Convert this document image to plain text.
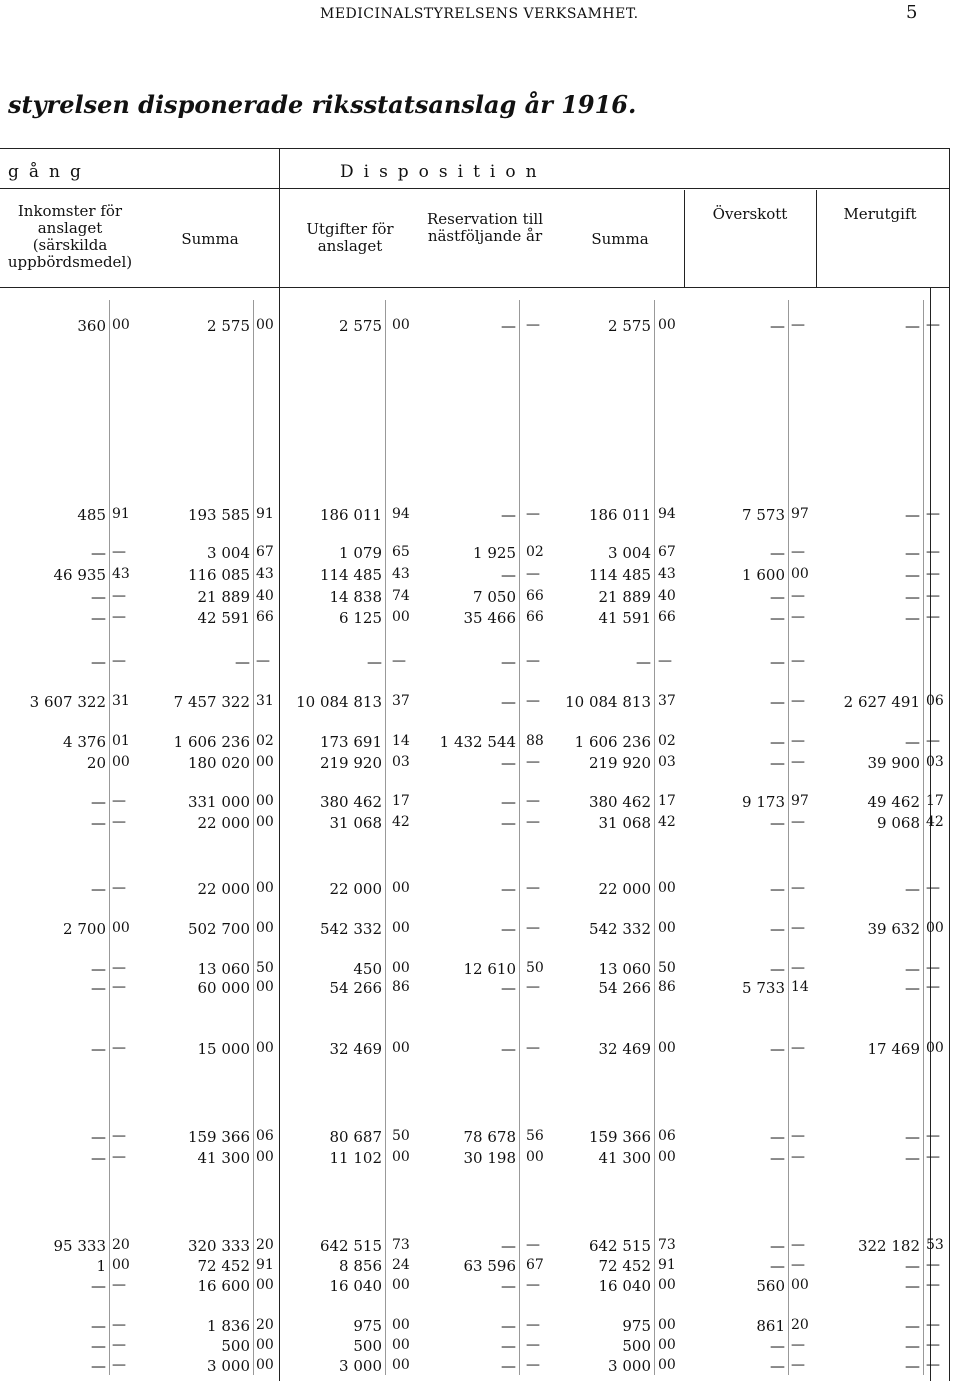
MEDICINALSTYRELSENS VERKSAMHET.	5
styrelsen disponerade riksstatsanslag år 1916.
gång	Disposition
Inkomster för anslaget (särskilda uppbördsmedel)
Summa
Utgifter för anslaget
Reservation till nästföljande år	Summa
Överskott	Merutgift
360 00	2 575 00	2 575 00	— —	2 575 00	— —	— —
485 91	193 585 91	186 011 94	— —	186 011 94	7 573 97	— —
— —	3 004 67	1 079 65	1 925 02	3 004 67	— —	— —
46 935 43	116 085 43	114 485 43	— —	114 485 43	1 600 00	— —
— —	21 889 40	14 838 74	7 050 66	21 889 40	— —	— —
— —	42 591 66	6 125 00	35 466 66	41 591 66	— —	— —
— —	— —	— —	— —	— —	— —
3 607 322 31	7 457 322 31	10 084 813 37	— —	10 084 813 37	— —	2 627 491 06
4 376 01	1 606 236 02	173 691 14	1 432 544 88	1 606 236 02	— —	— —
20 00	180 020 00	219 920 03	— —	219 920 03	— —	39 900 03
— —	331 000 00	380 462 17	— —	380 462 17	9 173 97	49 462 17
— —	22 000 00	31 068 42	— —	31 068 42	— —	9 068 42
— —	22 000 00	22 000 00	— —	22 000 00	— —	— —
2 700 00	502 700 00	542 332 00	— —	542 332 00	— —	39 632 00
— —	13 060 50	450 00	12 610 50	13 060 50	— —	— —
— —	60 000 00	54 266 86	— —	54 266 86	5 733 14	— —
— —	15 000 00	32 469 00	— —	32 469 00	— —	17 469 00
— —	159 366 06	80 687 50	78 678 56	159 366 06	— —	— —
— —	41 300 00	11 102 00	30 198 00	41 300 00	— —	— —
95 333 20	320 333 20	642 515 73	— —	642 515 73	— —	322 182 53
1 00	72 452 91	8 856 24	63 596 67	72 452 91	— —	— —
— —	16 600 00	16 040 00	— —	16 040 00	560 00	— —
— —	1 836 20	975 00	— —	975 00	861 20	— —
— —	500 00	500 00	— —	500 00	— —	— —
— —	3 000 00	3 000 00	— —	3 000 00	— —	— —
